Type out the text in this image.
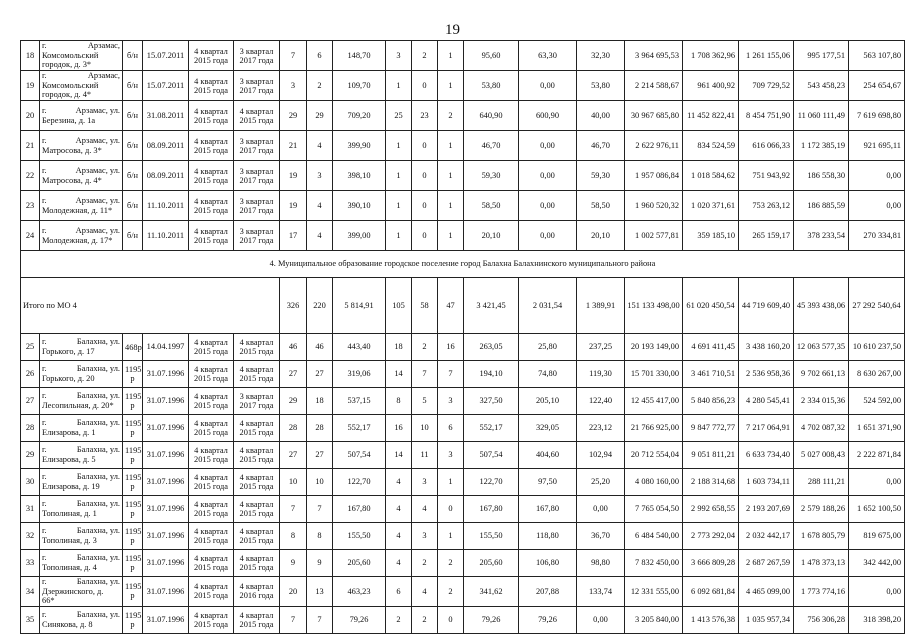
19
18	г. Арзамас,
Комсомольский
городок, д. 3*	б/н	15.07.2011	4 квартал 2015 года	3 квартал 2017 года	7	6	148,70	3	2	1	95,60	63,30	32,30	3 964 695,53	1 708 362,96	1 261 155,06	995 177,51	563 107,80
19	г. Арзамас,
Комсомольский
городок, д. 4*	б/н	15.07.2011	4 квартал 2015 года	3 квартал 2017 года	3	2	109,70	1	0	1	53,80	0,00	53,80	2 214 588,67	961 400,92	709 729,52	543 458,23	254 654,67
20	г. Арзамас, ул.
Березина, д. 1а	б/н	31.08.2011	4 квартал 2015 года	4 квартал 2015 года	29	29	709,20	25	23	2	640,90	600,90	40,00	30 967 685,80	11 452 822,41	8 454 751,90	11 060 111,49	7 619 698,80
21	г. Арзамас, ул.
Матросова, д. 3*	б/н	08.09.2011	4 квартал 2015 года	3 квартал 2017 года	21	4	399,90	1	0	1	46,70	0,00	46,70	2 622 976,11	834 524,59	616 066,33	1 172 385,19	921 695,11
22	г. Арзамас, ул.
Матросова, д. 4*	б/н	08.09.2011	4 квартал 2015 года	3 квартал 2017 года	19	3	398,10	1	0	1	59,30	0,00	59,30	1 957 086,84	1 018 584,62	751 943,92	186 558,30	0,00
23	г. Арзамас, ул.
Молодежная, д. 11*	б/н	11.10.2011	4 квартал 2015 года	3 квартал 2017 года	19	4	390,10	1	0	1	58,50	0,00	58,50	1 960 520,32	1 020 371,61	753 263,12	186 885,59	0,00
24	г. Арзамас, ул.
Молодежная, д. 17*	б/н	11.10.2011	4 квартал 2015 года	3 квартал 2017 года	17	4	399,00	1	0	1	20,10	0,00	20,10	1 002 577,81	359 185,10	265 159,17	378 233,54	270 334,81
4. Муниципальное образование городское поселение город Балахна Балахнинского муниципального района																			
Итого по МО 4						326	220	5 814,91	105	58	47	3 421,45	2 031,54	1 389,91	151 133 498,00	61 020 450,54	44 719 609,40	45 393 438,06	27 292 540,64
25	г. Балахна, ул.
Горького, д. 17	468р	14.04.1997	4 квартал 2015 года	4 квартал 2015 года	46	46	443,40	18	2	16	263,05	25,80	237,25	20 193 149,00	4 691 411,45	3 438 160,20	12 063 577,35	10 610 237,50
26	г. Балахна, ул.
Горького, д. 20	1195 р	31.07.1996	4 квартал 2015 года	4 квартал 2015 года	27	27	319,06	14	7	7	194,10	74,80	119,30	15 701 330,00	3 461 710,51	2 536 958,36	9 702 661,13	8 630 267,00
27	г. Балахна, ул.
Лесопильная, д. 20*	1195 р	31.07.1996	4 квартал 2015 года	3 квартал 2017 года	29	18	537,15	8	5	3	327,50	205,10	122,40	12 455 417,00	5 840 856,23	4 280 545,41	2 334 015,36	524 592,00
28	г. Балахна, ул.
Елизарова, д. 1	1195 р	31.07.1996	4 квартал 2015 года	4 квартал 2015 года	28	28	552,17	16	10	6	552,17	329,05	223,12	21 766 925,00	9 847 772,77	7 217 064,91	4 702 087,32	1 651 371,90
29	г. Балахна, ул.
Елизарова, д. 5	1195 р	31.07.1996	4 квартал 2015 года	4 квартал 2015 года	27	27	507,54	14	11	3	507,54	404,60	102,94	20 712 554,04	9 051 811,21	6 633 734,40	5 027 008,43	2 222 871,84
30	г. Балахна, ул.
Елизарова, д. 19	1195 р	31.07.1996	4 квартал 2015 года	4 квартал 2015 года	10	10	122,70	4	3	1	122,70	97,50	25,20	4 080 160,00	2 188 314,68	1 603 734,11	288 111,21	0,00
31	г. Балахна, ул.
Тополиная, д. 1	1195 р	31.07.1996	4 квартал 2015 года	4 квартал 2015 года	7	7	167,80	4	4	0	167,80	167,80	0,00	7 765 054,50	2 992 658,55	2 193 207,69	2 579 188,26	1 652 100,50
32	г. Балахна, ул.
Тополиная, д. 3	1195 р	31.07.1996	4 квартал 2015 года	4 квартал 2015 года	8	8	155,50	4	3	1	155,50	118,80	36,70	6 484 540,00	2 773 292,04	2 032 442,17	1 678 805,79	819 675,00
33	г. Балахна, ул.
Тополиная, д. 4	1195 р	31.07.1996	4 квартал 2015 года	4 квартал 2015 года	9	9	205,60	4	2	2	205,60	106,80	98,80	7 832 450,00	3 666 809,28	2 687 267,59	1 478 373,13	342 442,00
34	г. Балахна, ул.
Дзержинского, д.
66*	1195 р	31.07.1996	4 квартал 2015 года	4 квартал 2016 года	20	13	463,23	6	4	2	341,62	207,88	133,74	12 331 555,00	6 092 681,84	4 465 099,00	1 773 774,16	0,00
35	г. Балахна, ул.
Синякова, д. 8	1195 р	31.07.1996	4 квартал 2015 года	4 квартал 2015 года	7	7	79,26	2	2	0	79,26	79,26	0,00	3 205 840,00	1 413 576,38	1 035 957,34	756 306,28	318 398,20
